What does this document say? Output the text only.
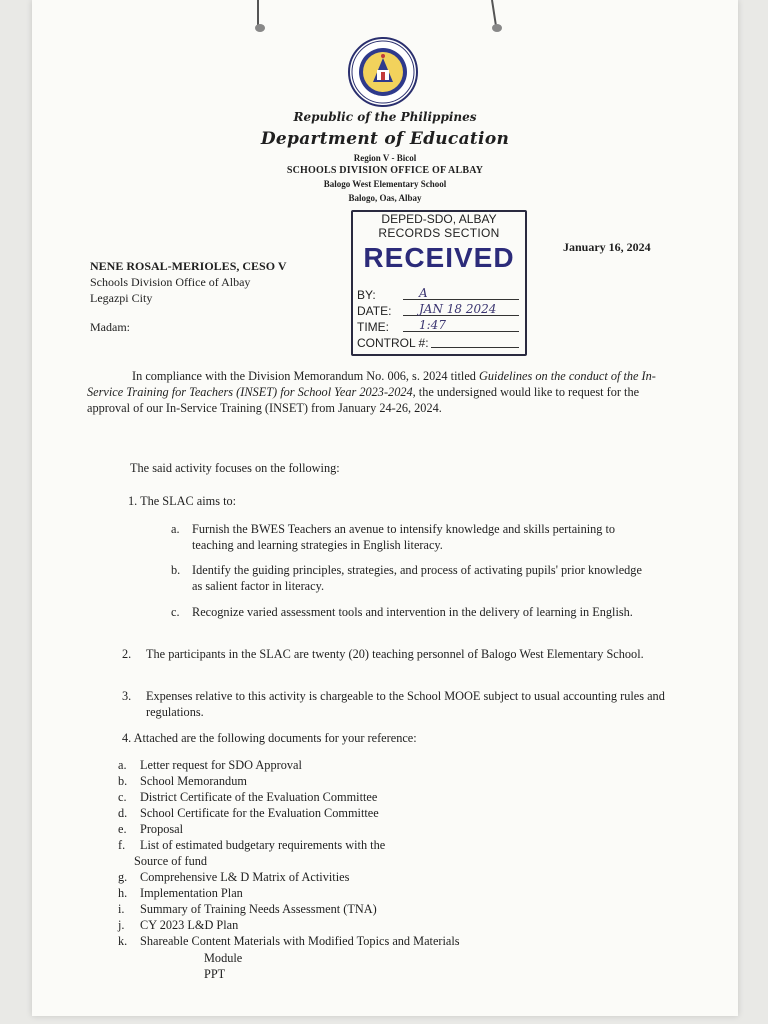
Republic of the Philippines
Department of Education
Region V - Bicol
SCHOOLS DIVISION OFFICE OF ALBAY
Balogo West Elementary School
Balogo, Oas, Albay
DEPED-SDO, ALBAY
RECORDS SECTION
RECEIVED
BY:	A
DATE: JAN 18 2024
TIME:	1:47
CONTROL #:
January 16, 2024
NENE ROSAL-MERIOLES, CESO V
Schools Division Office of Albay
Legazpi City
Madam:
In compliance with the Division Memorandum No. 006, s. 2024 titled Guidelines on the conduct of the In-Service Training for Teachers (INSET) for School Year 2023-2024, the undersigned would like to request for the approval of our In-Service Training (INSET) from January 24-26, 2024.
The said activity focuses on the following:
1. The SLAC aims to:
a. Furnish the BWES Teachers an avenue to intensify knowledge and skills pertaining to teaching and learning strategies in English literacy.
b. Identify the guiding principles, strategies, and process of activating pupils' prior knowledge as salient factor in literacy.
c. Recognize varied assessment tools and intervention in the delivery of learning in English.
2. The participants in the SLAC are twenty (20) teaching personnel of Balogo West Elementary School.
3. Expenses relative to this activity is chargeable to the School MOOE subject to usual accounting rules and regulations.
4. Attached are the following documents for your reference:
a.	Letter request for SDO Approval
b.	School Memorandum
c.	District Certificate of the Evaluation Committee
d.	School Certificate for the Evaluation Committee
e.	Proposal
f.	List of estimated budgetary requirements with the
Source of fund
g.	Comprehensive L& D Matrix of Activities
h.	Implementation Plan
i.	Summary of Training Needs Assessment (TNA)
j.	CY 2023 L&D Plan
k.	Shareable Content Materials with Modified Topics and Materials
Module
PPT
